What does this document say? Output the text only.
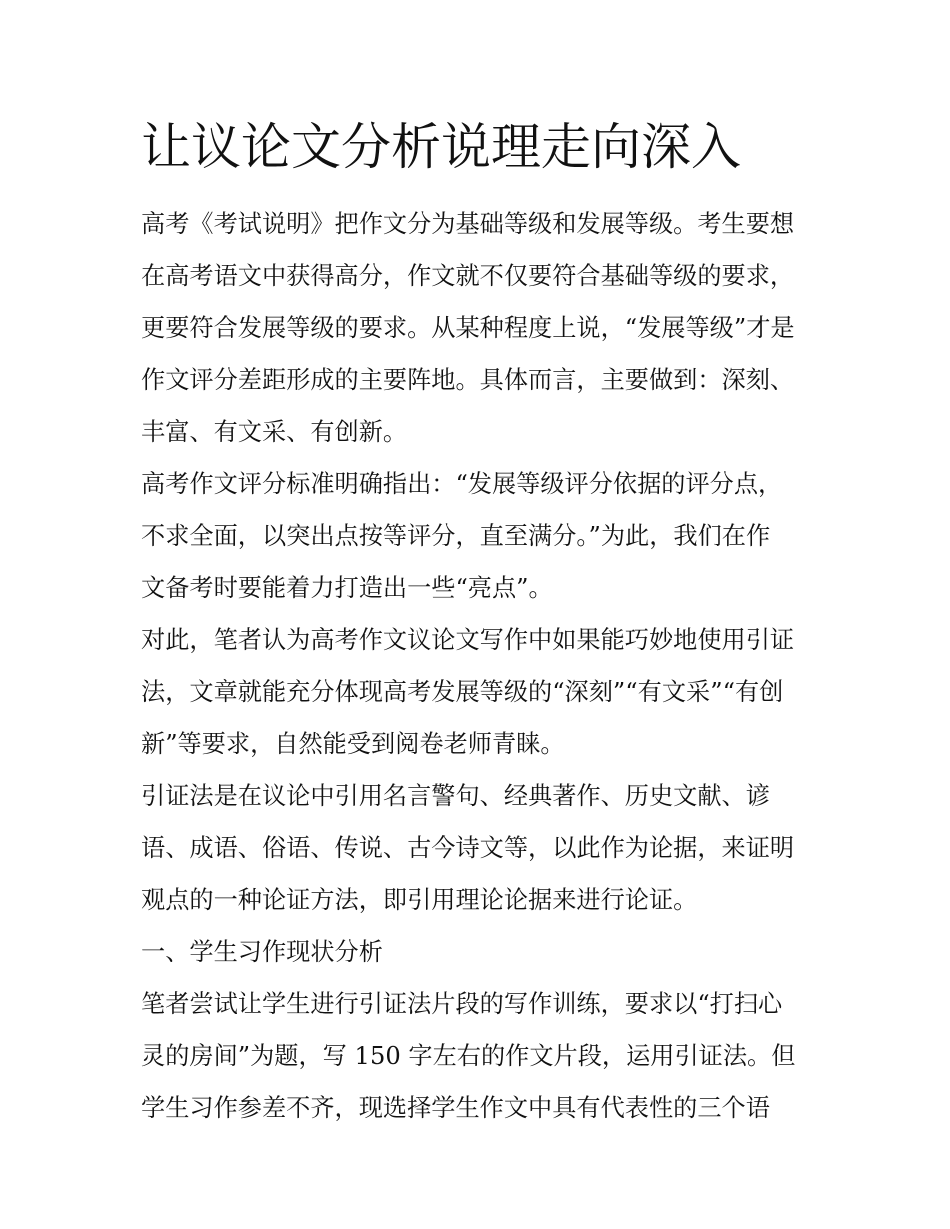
让议论文分析说理走向深入
高考《考试说明》把作文分为基础等级和发展等级。考生要想
在高考语文中获得高分，作文就不仅要符合基础等级的要求，
更要符合发展等级的要求。从某种程度上说，“发展等级”才是
作文评分差距形成的主要阵地。具体而言，主要做到：深刻、
丰富、有文采、有创新。
高考作文评分标准明确指出：“发展等级评分依据的评分点，
不求全面，以突出点按等评分，直至满分。”为此，我们在作
文备考时要能着力打造出一些“亮点”。
对此，笔者认为高考作文议论文写作中如果能巧妙地使用引证
法，文章就能充分体现高考发展等级的“深刻”“有文采”“有创
新”等要求，自然能受到阅卷老师青睐。
引证法是在议论中引用名言警句、经典著作、历史文献、谚
语、成语、俗语、传说、古今诗文等，以此作为论据，来证明
观点的一种论证方法，即引用理论论据来进行论证。
一、学生习作现状分析
笔者尝试让学生进行引证法片段的写作训练，要求以“打扫心
灵的房间”为题，写 150 字左右的作文片段，运用引证法。但
学生习作参差不齐，现选择学生作文中具有代表性的三个语
